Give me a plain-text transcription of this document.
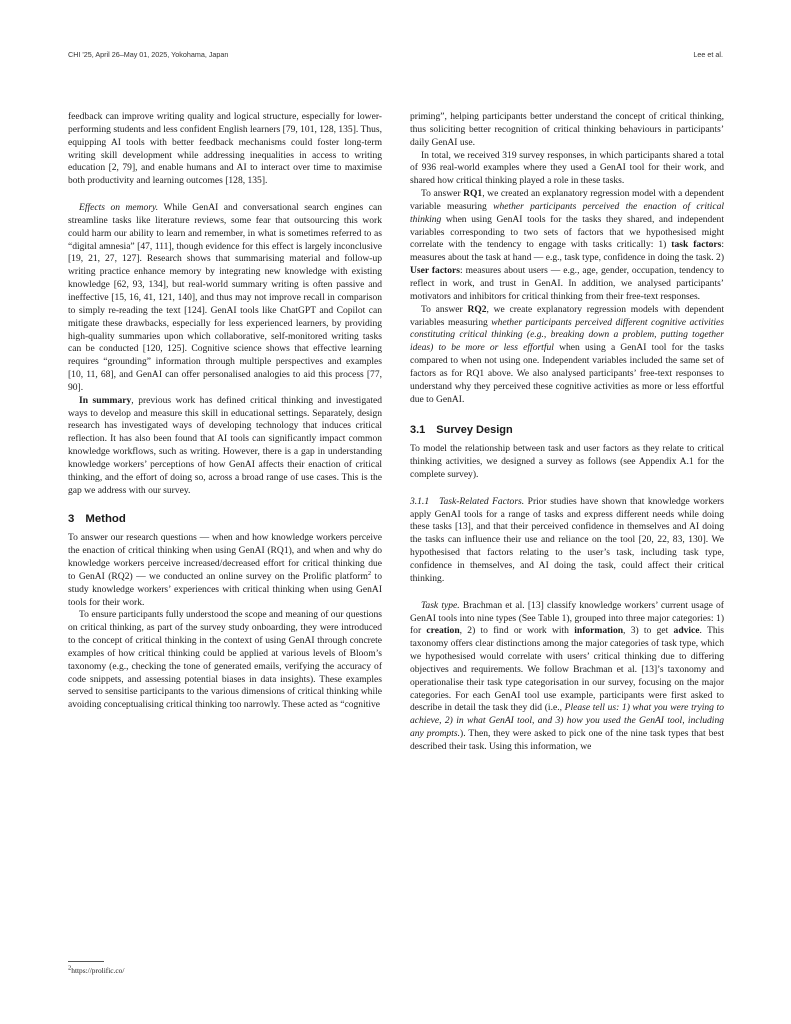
CHI '25, April 26–May 01, 2025, Yokohama, Japan	Lee et al.

feedback can improve writing quality and logical structure, especially for lower-performing students and less confident English learners [79, 101, 128, 135]. Thus, equipping AI tools with better feedback mechanisms could foster long-term writing skill development while addressing inequalities in access to writing education [2, 79], and enable humans and AI to interact over time to maximise both productivity and learning outcomes [128, 135].

Effects on memory. While GenAI and conversational search engines can streamline tasks like literature reviews, some fear that outsourcing this work could harm our ability to learn and remember, in what is sometimes referred to as “digital amnesia” [47, 111], though evidence for this effect is largely inconclusive [19, 21, 27, 127]. Research shows that summarising material and follow-up writing practice enhance memory by integrating new knowledge with existing knowledge [62, 93, 134], but real-world summary writing is often passive and ineffective [15, 16, 41, 121, 140], and thus may not improve recall in comparison to simply re-reading the text [124]. GenAI tools like ChatGPT and Copilot can mitigate these drawbacks, especially for less experienced learners, by providing high-quality summaries upon which collaborative, self-monitored writing tasks can be conducted [120, 125]. Cognitive science shows that effective learning requires “grounding” information through multiple perspectives and examples [10, 11, 68], and GenAI can offer personalised analogies to aid this process [77, 90].

In summary, previous work has defined critical thinking and investigated ways to develop and measure this skill in educational settings. Separately, design research has investigated ways of developing technology that induces critical reflection. It has also been found that AI tools can significantly impact common knowledge workflows, such as writing. However, there is a gap in understanding knowledge workers’ perceptions of how GenAI affects their enaction of critical thinking, and the effort of doing so, across a broad range of use cases. This is the gap we address with our survey.

3 Method

To answer our research questions — when and how knowledge workers perceive the enaction of critical thinking when using GenAI (RQ1), and when and why do knowledge workers perceive increased/decreased effort for critical thinking due to GenAI (RQ2) — we conducted an online survey on the Prolific platform$^2$ to study knowledge workers’ experiences with critical thinking when using GenAI tools for their work.

To ensure participants fully understood the scope and meaning of our questions on critical thinking, as part of the survey study onboarding, they were introduced to the concept of critical thinking in the context of using GenAI through concrete examples of how critical thinking could be applied at various levels of Bloom’s taxonomy (e.g., checking the tone of generated emails, verifying the accuracy of code snippets, and assessing potential biases in data insights). These examples served to sensitise participants to the various dimensions of critical thinking while avoiding conceptualising critical thinking too narrowly. These acted as “cognitive

priming”, helping participants better understand the concept of critical thinking, thus soliciting better recognition of critical thinking behaviours in participants’ daily GenAI use.

In total, we received 319 survey responses, in which participants shared a total of 936 real-world examples where they used a GenAI tool for their work, and shared how critical thinking played a role in these tasks.

To answer RQ1, we created an explanatory regression model with a dependent variable measuring whether participants perceived the enaction of critical thinking when using GenAI tools for the tasks they shared, and independent variables corresponding to two sets of factors that we hypothesised might correlate with the tendency to engage with tasks critically: 1) task factors: measures about the task at hand — e.g., task type, confidence in doing the task. 2) User factors: measures about users — e.g., age, gender, occupation, tendency to reflect in work, and trust in GenAI. In addition, we analysed participants’ motivators and inhibitors for critical thinking from their free-text responses.

To answer RQ2, we create explanatory regression models with dependent variables measuring whether participants perceived different cognitive activities constituting critical thinking (e.g., breaking down a problem, putting together ideas) to be more or less effortful when using a GenAI tool for the tasks compared to when not using one. Independent variables included the same set of factors as for RQ1 above. We also analysed participants’ free-text responses to understand why they perceived these cognitive activities as more or less effortful due to GenAI.

3.1 Survey Design

To model the relationship between task and user factors as they relate to critical thinking activities, we designed a survey as follows (see Appendix A.1 for the complete survey).

3.1.1 Task-Related Factors. Prior studies have shown that knowledge workers apply GenAI tools for a range of tasks and express different needs while doing these tasks [13], and that their perceived confidence in themselves and AI doing the tasks can influence their use and reliance on the tool [20, 22, 83, 130]. We hypothesised that factors relating to the user’s task, including task type, confidence in themselves, and AI doing the task, could affect their critical thinking.

Task type. Brachman et al. [13] classify knowledge workers’ current usage of GenAI tools into nine types (See Table 1), grouped into three major categories: 1) for creation, 2) to find or work with information, 3) to get advice. This taxonomy offers clear distinctions among the major categories of task type, which we hypothesised would correlate with users’ critical thinking due to differing objectives and requirements. We follow Brachman et al. [13]’s taxonomy and operationalise their task type categorisation in our survey, focusing on the major categories. For each GenAI tool use example, participants were first asked to describe in detail the task they did (i.e., Please tell us: 1) what you were trying to achieve, 2) in what GenAI tool, and 3) how you used the GenAI tool, including any prompts.). Then, they were asked to pick one of the nine task types that best described their task. Using this information, we

$^2$https://prolific.co/
